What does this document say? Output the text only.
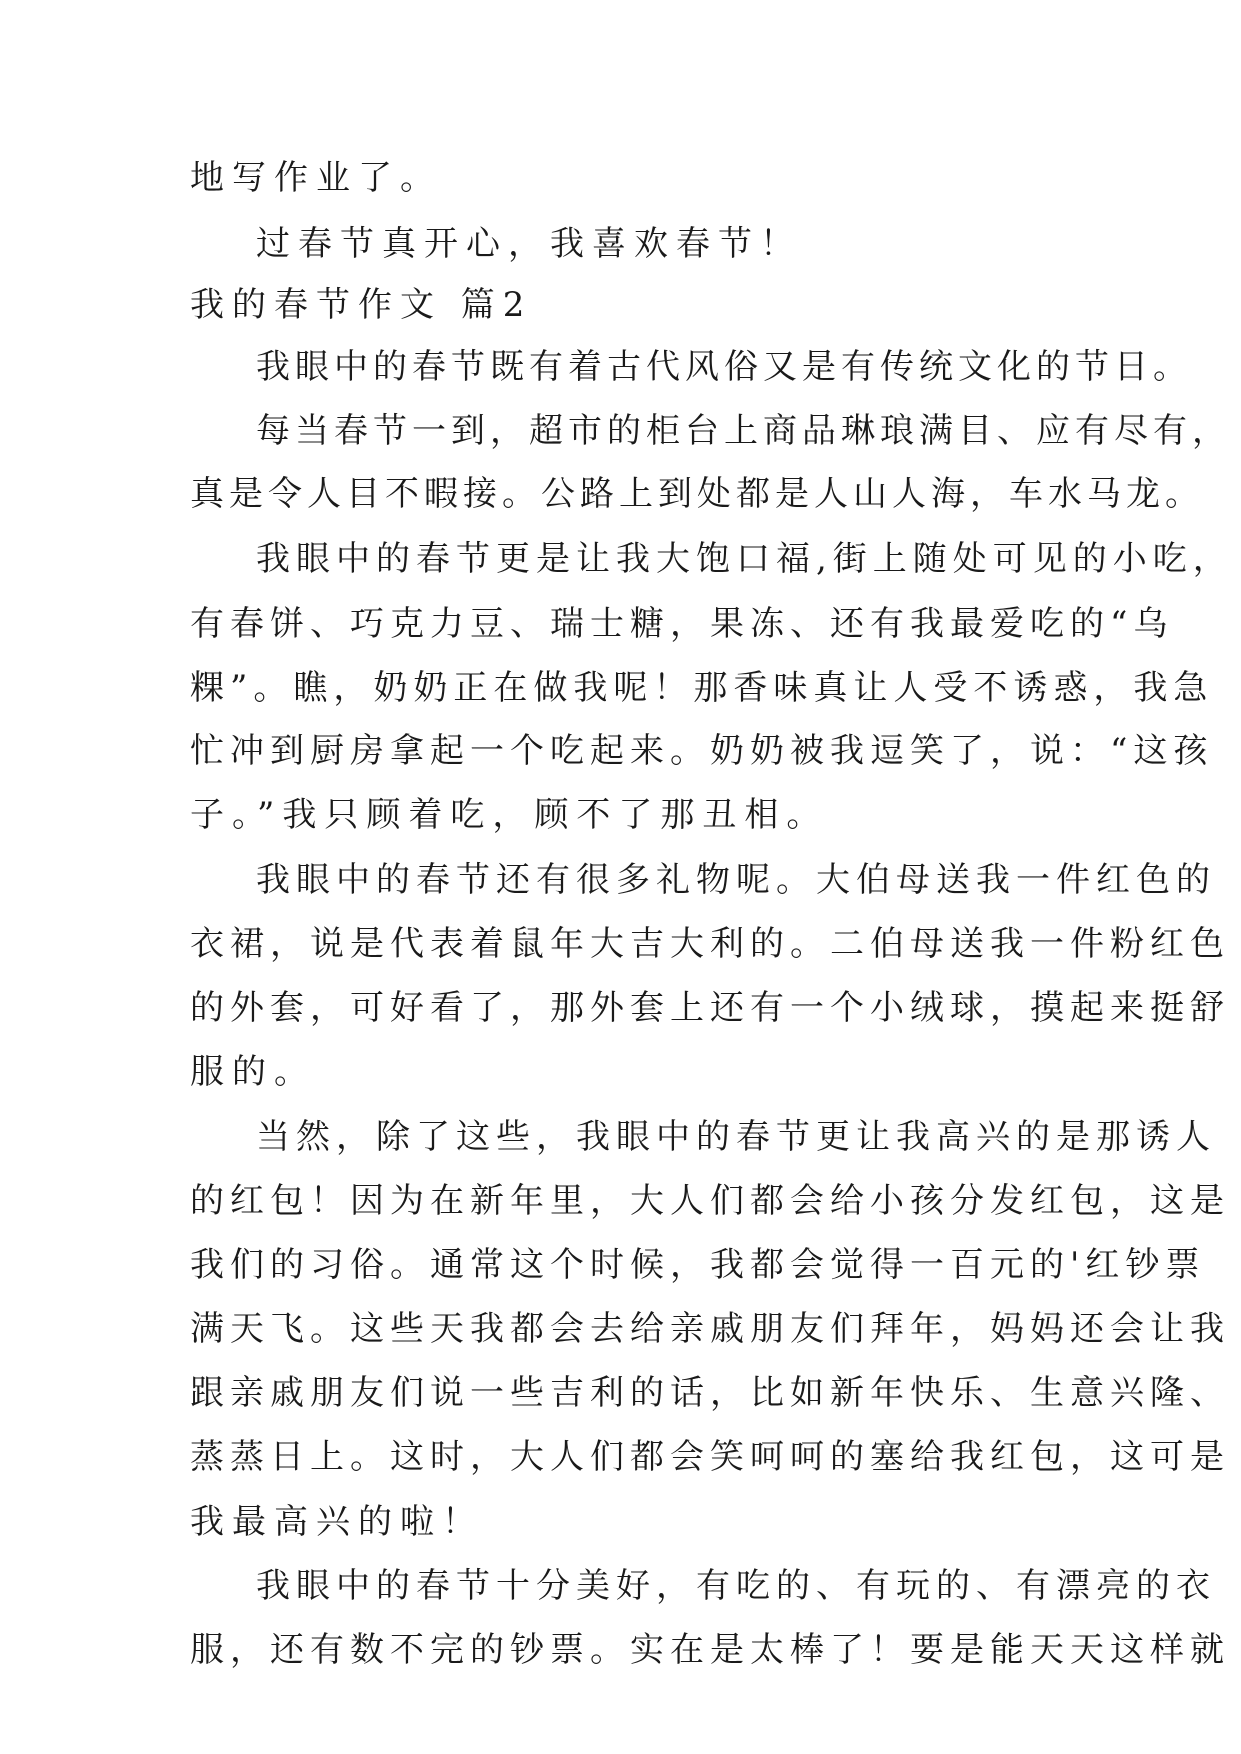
地写作业了。
过春节真开心，我喜欢春节！
我的春节作文 篇2
我眼中的春节既有着古代风俗又是有传统文化的节日。
每当春节一到，超市的柜台上商品琳琅满目、应有尽有，
真是令人目不暇接。公路上到处都是人山人海，车水马龙。
我眼中的春节更是让我大饱口福,街上随处可见的小吃，
有春饼、巧克力豆、瑞士糖，果冻、还有我最爱吃的“乌
粿”。瞧，奶奶正在做我呢！那香味真让人受不诱惑，我急
忙冲到厨房拿起一个吃起来。奶奶被我逗笑了，说：“这孩
子。”我只顾着吃，顾不了那丑相。
我眼中的春节还有很多礼物呢。大伯母送我一件红色的
衣裙，说是代表着鼠年大吉大利的。二伯母送我一件粉红色
的外套，可好看了，那外套上还有一个小绒球，摸起来挺舒
服的。
当然，除了这些，我眼中的春节更让我高兴的是那诱人
的红包！因为在新年里，大人们都会给小孩分发红包，这是
我们的习俗。通常这个时候，我都会觉得一百元的'红钞票
满天飞。这些天我都会去给亲戚朋友们拜年，妈妈还会让我
跟亲戚朋友们说一些吉利的话，比如新年快乐、生意兴隆、
蒸蒸日上。这时，大人们都会笑呵呵的塞给我红包，这可是
我最高兴的啦！
我眼中的春节十分美好，有吃的、有玩的、有漂亮的衣
服，还有数不完的钞票。实在是太棒了！要是能天天这样就
